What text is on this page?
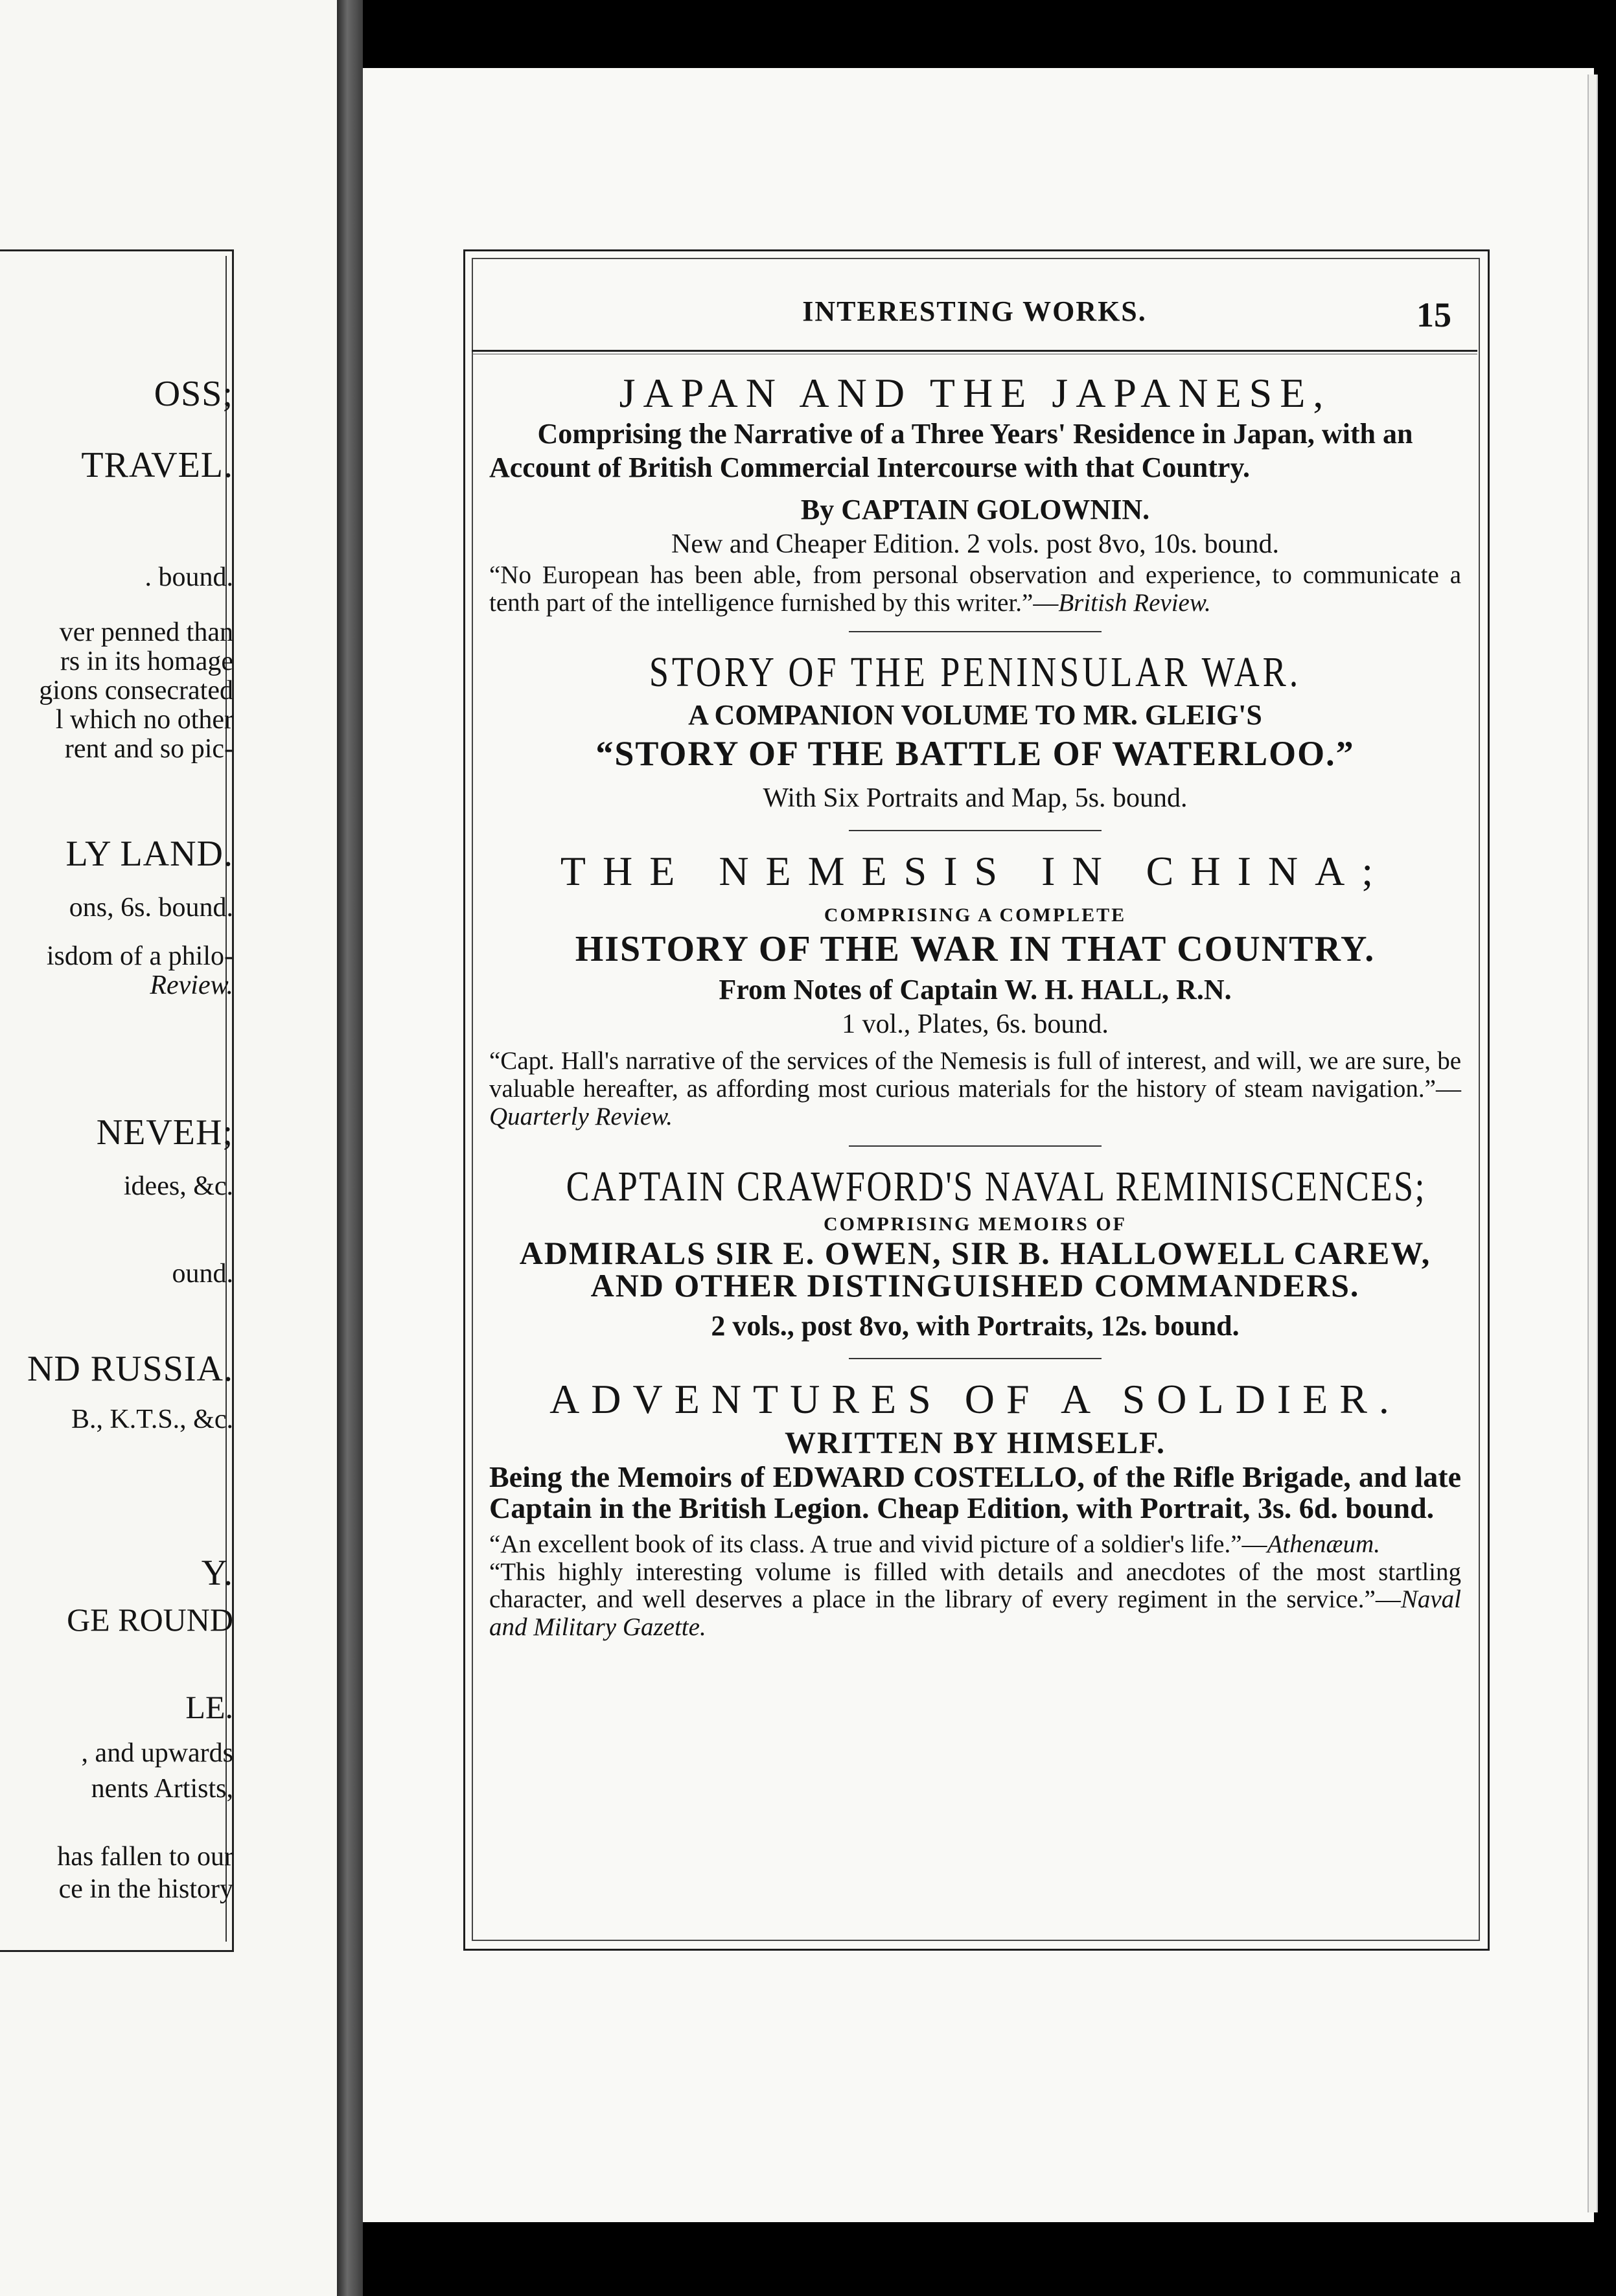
OSS;
TRAVEL.
. bound.
ver penned than
rs in its homage
gions consecrated
l which no other
rent and so pic-
LY LAND.
ons, 6s. bound.
isdom of a philo-
Review.
NEVEH;
idees, &c.
ound.
ND RUSSIA.
B., K.T.S., &c.
Y.
GE ROUND
LE.
, and upwards
nents Artists,
has fallen to our
ce in the history
INTERESTING WORKS.	15
JAPAN AND THE JAPANESE,
Comprising the Narrative of a Three Years' Residence in Japan, with an Account of British Commercial Intercourse with that Country.
By CAPTAIN GOLOWNIN.
New and Cheaper Edition. 2 vols. post 8vo, 10s. bound.
“No European has been able, from personal observation and experience, to communicate a tenth part of the intelligence furnished by this writer.”—British Review.
STORY OF THE PENINSULAR WAR.
A COMPANION VOLUME TO MR. GLEIG'S
“STORY OF THE BATTLE OF WATERLOO.”
With Six Portraits and Map, 5s. bound.
THE NEMESIS IN CHINA;
COMPRISING A COMPLETE
HISTORY OF THE WAR IN THAT COUNTRY.
From Notes of Captain W. H. HALL, R.N.
1 vol., Plates, 6s. bound.
“Capt. Hall's narrative of the services of the Nemesis is full of interest, and will, we are sure, be valuable hereafter, as affording most curious materials for the history of steam navigation.”—Quarterly Review.
CAPTAIN CRAWFORD'S NAVAL REMINISCENCES;
COMPRISING MEMOIRS OF
ADMIRALS SIR E. OWEN, SIR B. HALLOWELL CAREW, AND OTHER DISTINGUISHED COMMANDERS.
2 vols., post 8vo, with Portraits, 12s. bound.
ADVENTURES OF A SOLDIER.
WRITTEN BY HIMSELF.
Being the Memoirs of EDWARD COSTELLO, of the Rifle Brigade, and late Captain in the British Legion. Cheap Edition, with Portrait, 3s. 6d. bound.
“An excellent book of its class. A true and vivid picture of a soldier's life.”—Athenæum.
“This highly interesting volume is filled with details and anecdotes of the most startling character, and well deserves a place in the library of every regiment in the service.”—Naval and Military Gazette.
